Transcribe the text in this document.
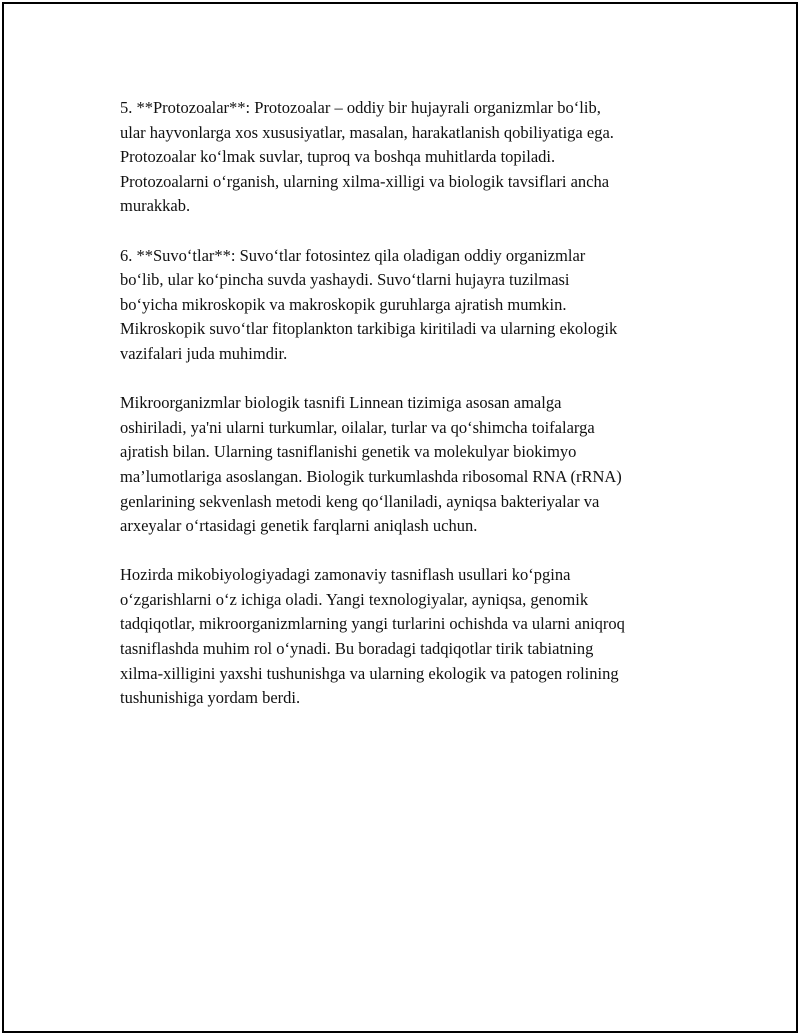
5. **Protozoalar**: Protozoalar – oddiy bir hujayrali organizmlar bo‘lib,
ular hayvonlarga xos xususiyatlar, masalan, harakatlanish qobiliyatiga ega.
Protozoalar ko‘lmak suvlar, tuproq va boshqa muhitlarda topiladi.
Protozoalarni o‘rganish, ularning xilma-xilligi va biologik tavsiflari ancha
murakkab.

6. **Suvo‘tlar**: Suvo‘tlar fotosintez qila oladigan oddiy organizmlar
bo‘lib, ular ko‘pincha suvda yashaydi. Suvo‘tlarni hujayra tuzilmasi
bo‘yicha mikroskopik va makroskopik guruhlarga ajratish mumkin.
Mikroskopik suvo‘tlar fitoplankton tarkibiga kiritiladi va ularning ekologik
vazifalari juda muhimdir.

Mikroorganizmlar biologik tasnifi Linnean tizimiga asosan amalga
oshiriladi, ya'ni ularni turkumlar, oilalar, turlar va qo‘shimcha toifalarga
ajratish bilan. Ularning tasniflanishi genetik va molekulyar biokimyo
ma’lumotlariga asoslangan. Biologik turkumlashda ribosomal RNA (rRNA)
genlarining sekvenlash metodi keng qo‘llaniladi, ayniqsa bakteriyalar va
arxeyalar o‘rtasidagi genetik farqlarni aniqlash uchun.

Hozirda mikobiyologiyadagi zamonaviy tasniflash usullari ko‘pgina
o‘zgarishlarni o‘z ichiga oladi. Yangi texnologiyalar, ayniqsa, genomik
tadqiqotlar, mikroorganizmlarning yangi turlarini ochishda va ularni aniqroq
tasniflashda muhim rol o‘ynadi. Bu boradagi tadqiqotlar tirik tabiatning
xilma-xilligini yaxshi tushunishga va ularning ekologik va patogen rolining
tushunishiga yordam berdi.
